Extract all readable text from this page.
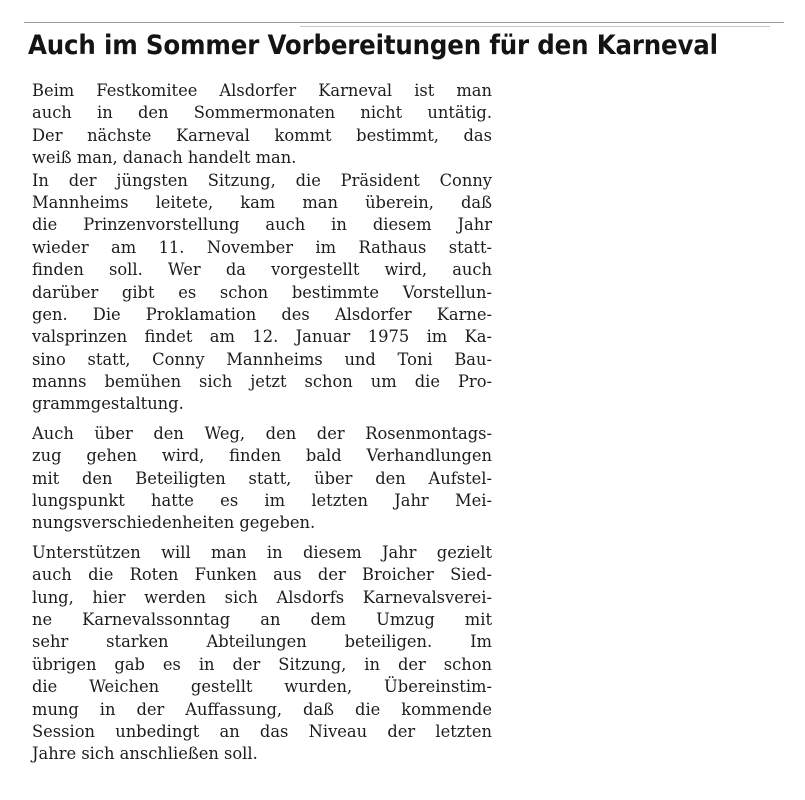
Auch im Sommer Vorbereitungen für den Karneval

Beim Festkomitee Alsdorfer Karneval ist man
auch in den Sommermonaten nicht untätig.
Der nächste Karneval kommt bestimmt, das
weiß man, danach handelt man.

In der jüngsten Sitzung, die Präsident Conny
Mannheims leitete, kam man überein, daß
die Prinzenvorstellung auch in diesem Jahr
wieder am 11. November im Rathaus statt-
finden soll. Wer da vorgestellt wird, auch
darüber gibt es schon bestimmte Vorstellun-
gen. Die Proklamation des Alsdorfer Karne-
valsprinzen findet am 12. Januar 1975 im Ka-
sino statt, Conny Mannheims und Toni Bau-
manns bemühen sich jetzt schon um die Pro-
grammgestaltung.

Auch über den Weg, den der Rosenmontags-
zug gehen wird, finden bald Verhandlungen
mit den Beteiligten statt, über den Aufstel-
lungspunkt hatte es im letzten Jahr Mei-
nungsverschiedenheiten gegeben.

Unterstützen will man in diesem Jahr gezielt
auch die Roten Funken aus der Broicher Sied-
lung, hier werden sich Alsdorfs Karnevalsverei-
ne Karnevalssonntag an dem Umzug mit
sehr starken Abteilungen beteiligen. Im
übrigen gab es in der Sitzung, in der schon
die Weichen gestellt wurden, Übereinstim-
mung in der Auffassung, daß die kommende
Session unbedingt an das Niveau der letzten
Jahre sich anschließen soll.
